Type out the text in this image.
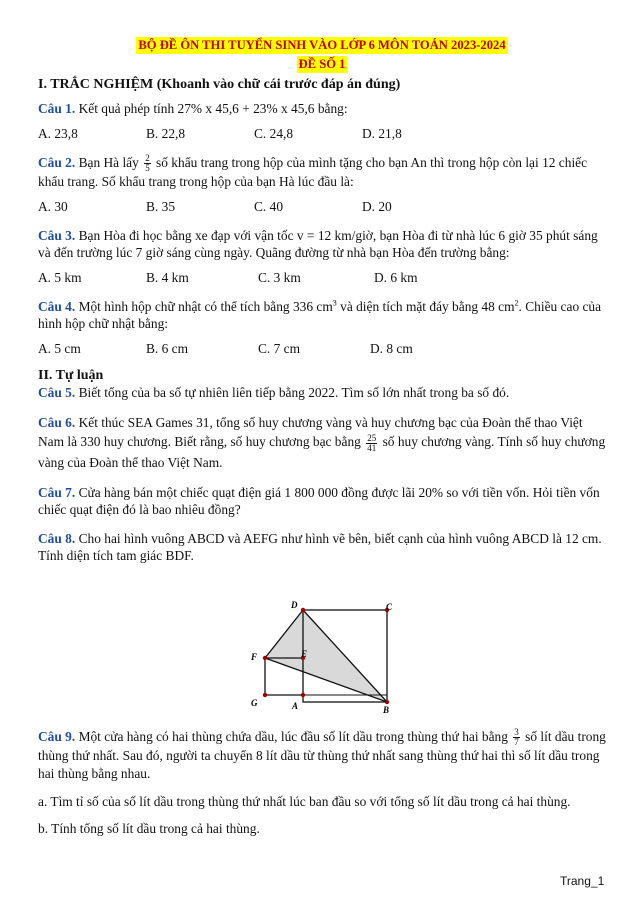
BỘ ĐỀ ÔN THI TUYỂN SINH VÀO LỚP 6 MÔN TOÁN 2023-2024
ĐỀ SỐ 1
I. TRẮC NGHIỆM (Khoanh vào chữ cái trước đáp án đúng)
Câu 1. Kết quả phép tính 27% x 45,6 + 23% x 45,6 bằng:
A. 23,8	B. 22,8	C. 24,8	D. 21,8
Câu 2. Bạn Hà lấy $\frac{2}{5}$ số khẩu trang trong hộp của mình tặng cho bạn An thì trong hộp còn lại 12 chiếc khẩu trang. Số khẩu trang trong hộp của bạn Hà lúc đầu là:
A. 30	B. 35	C. 40	D. 20
Câu 3. Bạn Hòa đi học bằng xe đạp với vận tốc v = 12 km/giờ, bạn Hòa đi từ nhà lúc 6 giờ 35 phút sáng và đến trường lúc 7 giờ sáng cùng ngày. Quãng đường từ nhà bạn Hòa đến trường bằng:
A. 5 km	B. 4 km	C. 3 km	D. 6 km
Câu 4. Một hình hộp chữ nhật có thể tích bằng 336 $cm^3$ và diện tích mặt đáy bằng 48 $cm^2$. Chiều cao của hình hộp chữ nhật bằng:
A. 5 cm	B. 6 cm	C. 7 cm	D. 8 cm
II. Tự luận
Câu 5. Biết tổng của ba số tự nhiên liên tiếp bằng 2022. Tìm số lớn nhất trong ba số đó.
Câu 6. Kết thúc SEA Games 31, tổng số huy chương vàng và huy chương bạc của Đoàn thể thao Việt Nam là 330 huy chương. Biết rằng, số huy chương bạc bằng $\frac{25}{41}$ số huy chương vàng. Tính số huy chương vàng của Đoàn thể thao Việt Nam.
Câu 7. Cửa hàng bán một chiếc quạt điện giá 1 800 000 đồng được lãi 20% so với tiền vốn. Hỏi tiền vốn chiếc quạt điện đó là bao nhiêu đồng?
Câu 8. Cho hai hình vuông ABCD và AEFG như hình vẽ bên, biết cạnh của hình vuông ABCD là 12 cm. Tính diện tích tam giác BDF.
D	C
F	E
G	A	B
Câu 9. Một cửa hàng có hai thùng chứa dầu, lúc đầu số lít dầu trong thùng thứ hai bằng $\frac{3}{7}$ số lít dầu trong thùng thứ nhất. Sau đó, người ta chuyển 8 lít dầu từ thùng thứ nhất sang thùng thứ hai thì số lít dầu trong hai thùng bằng nhau.
a. Tìm tỉ số của số lít dầu trong thùng thứ nhất lúc ban đầu so với tổng số lít dầu trong cả hai thùng.
b. Tính tổng số lít dầu trong cả hai thùng.
Trang_1
